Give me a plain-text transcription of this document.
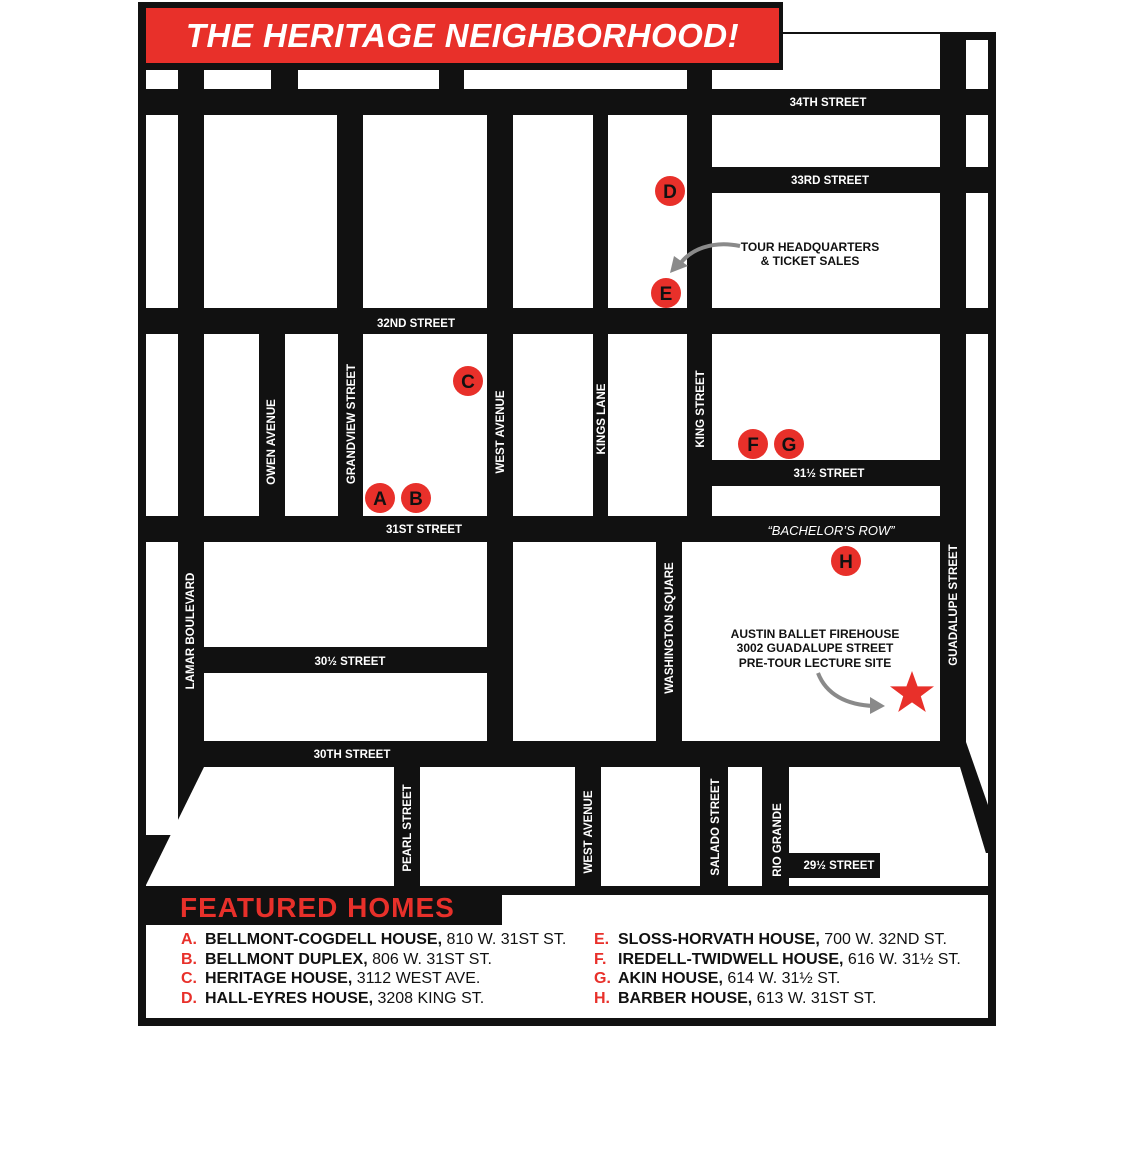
34TH STREET
33RD STREET
32ND STREET
31½ STREET
31ST STREET
30½ STREET
30TH STREET
29½ STREET
OWEN AVENUE	GRANDVIEW STREET	WEST AVENUE	KINGS LANE	KING STREET
LAMAR BOULEVARD	WASHINGTON SQUARE	GUADALUPE STREET
PEARL STREET	WEST AVENUE	SALADO STREET	RIO GRANDE
“BACHELOR’S ROW”
TOUR HEADQUARTERS
& TICKET SALES
AUSTIN BALLET FIREHOUSE
3002 GUADALUPE STREET
PRE-TOUR LECTURE SITE
A B
C
D
E
F G
H
THE HERITAGE NEIGHBORHOOD!
FEATURED HOMES
A. BELLMONT-COGDELL HOUSE, 810 W. 31ST ST.
B. BELLMONT DUPLEX, 806 W. 31ST ST.
C. HERITAGE HOUSE, 3112 WEST AVE.
D. HALL-EYRES HOUSE, 3208 KING ST.
E. SLOSS-HORVATH HOUSE, 700 W. 32ND ST.
F. IREDELL-TWIDWELL HOUSE, 616 W. 31½ ST.
G. AKIN HOUSE, 614 W. 31½ ST.
H. BARBER HOUSE, 613 W. 31ST ST.
